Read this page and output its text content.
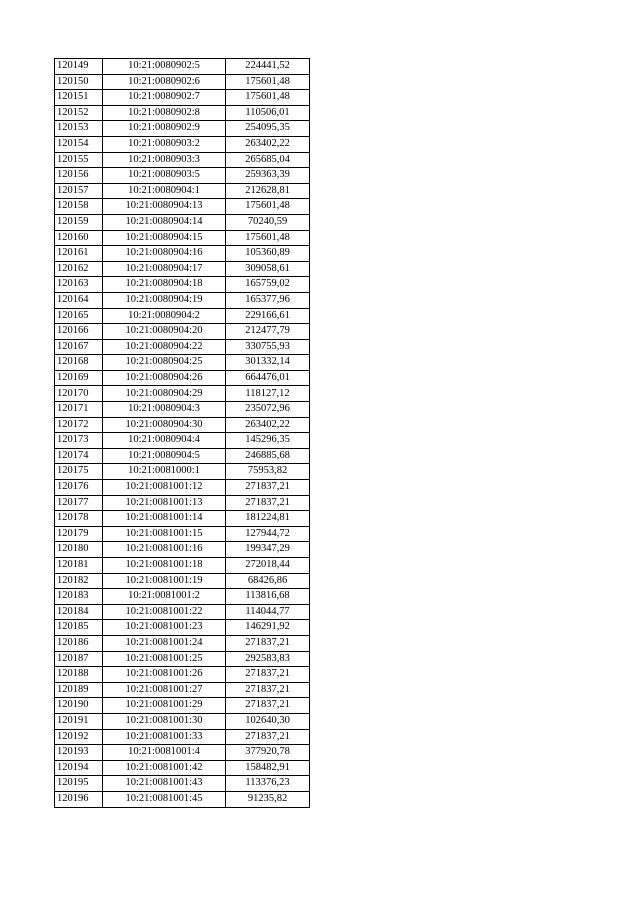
120149	10:21:0080902:5	224441,52
120150	10:21:0080902:6	175601,48
120151	10:21:0080902:7	175601,48
120152	10:21:0080902:8	110506,01
120153	10:21:0080902:9	254095,35
120154	10:21:0080903:2	263402,22
120155	10:21:0080903:3	265685,04
120156	10:21:0080903:5	259363,39
120157	10:21:0080904:1	212628,81
120158	10:21:0080904:13	175601,48
120159	10:21:0080904:14	70240,59
120160	10:21:0080904:15	175601,48
120161	10:21:0080904:16	105360,89
120162	10:21:0080904:17	309058,61
120163	10:21:0080904:18	165759,02
120164	10:21:0080904:19	165377,96
120165	10:21:0080904:2	229166,61
120166	10:21:0080904:20	212477,79
120167	10:21:0080904:22	330755,93
120168	10:21:0080904:25	301332,14
120169	10:21:0080904:26	664476,01
120170	10:21:0080904:29	118127,12
120171	10:21:0080904:3	235072,96
120172	10:21:0080904:30	263402,22
120173	10:21:0080904:4	145296,35
120174	10:21:0080904:5	246885,68
120175	10:21:0081000:1	75953,82
120176	10:21:0081001:12	271837,21
120177	10:21:0081001:13	271837,21
120178	10:21:0081001:14	181224,81
120179	10:21:0081001:15	127944,72
120180	10:21:0081001:16	199347,29
120181	10:21:0081001:18	272018,44
120182	10:21:0081001:19	68426,86
120183	10:21:0081001:2	113816,68
120184	10:21:0081001:22	114044,77
120185	10:21:0081001:23	146291,92
120186	10:21:0081001:24	271837,21
120187	10:21:0081001:25	292583,83
120188	10:21:0081001:26	271837,21
120189	10:21:0081001:27	271837,21
120190	10:21:0081001:29	271837,21
120191	10:21:0081001:30	102640,30
120192	10:21:0081001:33	271837,21
120193	10:21:0081001:4	377920,78
120194	10:21:0081001:42	158482,91
120195	10:21:0081001:43	113376,23
120196	10:21:0081001:45	91235,82
